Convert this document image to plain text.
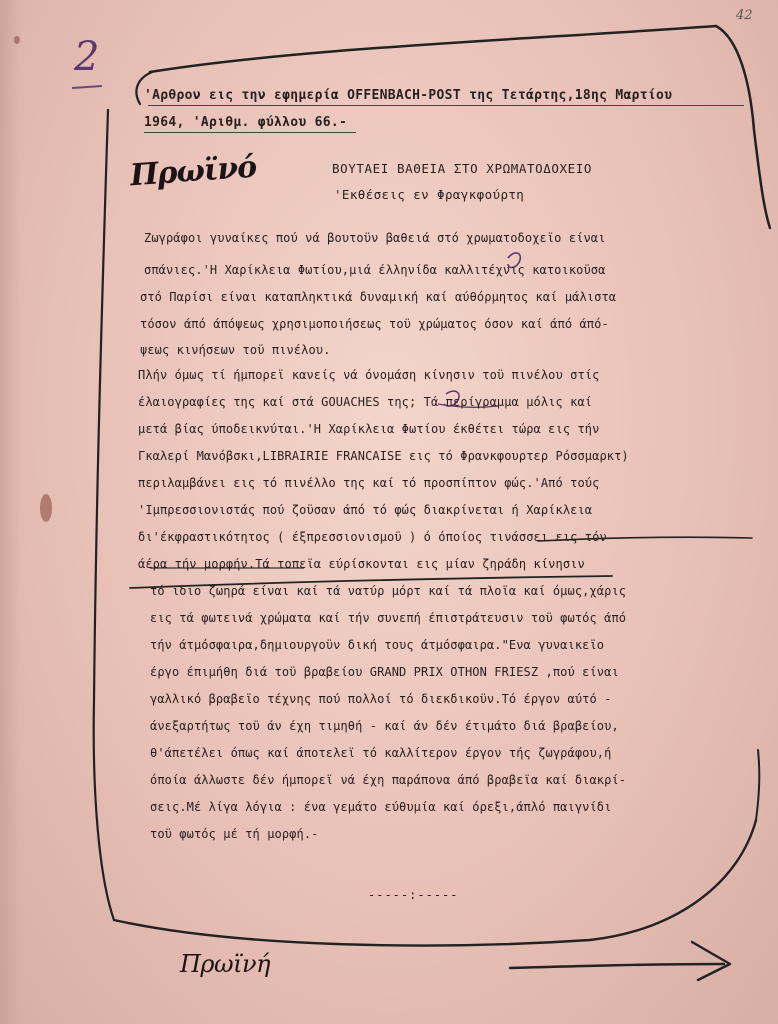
42
2
'Αρθρον εις την εφημερία OFFENBACH-POST της Τετάρτης,18ης Μαρτίου
1964, 'Αριθμ. φύλλου 66.-
Πρωϊνό	ΒΟΥΤΑΕΙ ΒΑΘΕΙΑ ΣΤΟ ΧΡΩΜΑΤΟΔΟΧΕΙΟ
'Εκθέσεις εν Φραγκφούρτη
Ζωγράφοι γυναίκες πού νά βουτοϋν βαθειά στό χρωματοδοχεϊο είναι
σπάνιες.'Η Χαρίκλεια Φωτίου,μιά έλληνίδα καλλιτέχνις κατοικοϋσα
στό Παρίσι είναι καταπληκτικά δυναμική καί αύθόρμητος καί μάλιστα
τόσον άπό άπόψεως χρησιμοποιήσεως τοϋ χρώματος όσον καί άπό άπό-
ψεως κινήσεων τοϋ πινέλου.
Πλήν όμως τί ήμπορεϊ κανείς νά όνομάση κίνησιν τοϋ πινέλου στίς
έλαιογραφίες της καί στά GOUACHES της; Τά περίγραμμα μόλις καί
μετά βίας ύποδεικνύται.'Η Χαρίκλεια Φωτίου έκθέτει τώρα εις τήν
Γκαλερί Μανόβσκι,LIBRAIRIE FRANCAISE εις τό Φρανκφουρτερ Ρόσσμαρκτ)
περιλαμβάνει εις τό πινέλλο της καί τό προσπίπτον φώς.'Από τούς
'Ιμπρεσσιονιστάς πού ζοϋσαν άπό τό φώς διακρίνεται ή Χαρίκλεια
δι'έκφραστικότητος ( έξπρεσσιονισμοϋ ) ό όποίος τινάσσει εις τόν
άέρα τήν μορφήν.Τά τοπεϊα εύρίσκονται εις μίαν ζηράδη κίνησιν
τό ϊδιο ζωηρά είναι καί τά νατύρ μόρτ καί τά πλοϊα καί όμως,χάρις
εις τά φωτεινά χρώματα καί τήν συνεπή έπιστράτευσιν τοϋ φωτός άπό
τήν άτμόσφαιρα,δημιουργοϋν δική τους άτμόσφαιρα."Ενα γυναικεϊο
έργο έπιμήθη διά τοϋ βραβείου GRAND PRIX OTHON FRIESZ ,πού είναι
γαλλικό βραβεϊο τέχνης πού πολλοί τό διεκδικοϋν.Τό έργον αύτό -
άνεξαρτήτως τοϋ άν έχη τιμηθή - καί άν δέν έτιμάτο διά βραβείου,
θ'άπετέλει όπως καί άποτελεϊ τό καλλίτερον έργον τής ζωγράφου,ή
όποία άλλωστε δέν ήμπορεϊ νά έχη παράπονα άπό βραβεϊα καί διακρί-
σεις.Μέ λίγα λόγια : ένα γεμάτο εύθυμία καί όρεξι,άπλό παιγνίδι
τοϋ φωτός μέ τή μορφή.-
-----:-----
Πρωϊνή
